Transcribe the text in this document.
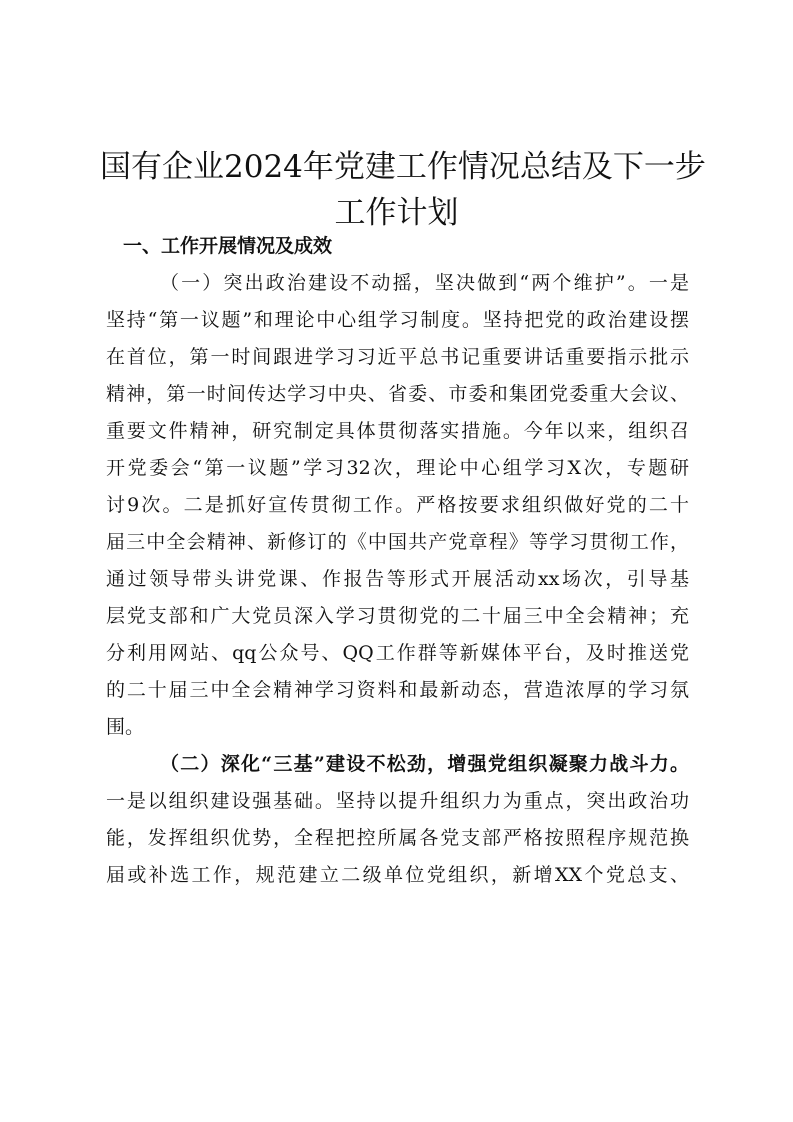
国有企业2024年党建工作情况总结及下一步
工作计划
一、工作开展情况及成效
（一）突出政治建设不动摇，坚决做到“两个维护”。一是
坚持“第一议题”和理论中心组学习制度。坚持把党的政治建设摆
在首位，第一时间跟进学习习近平总书记重要讲话重要指示批示
精神，第一时间传达学习中央、省委、市委和集团党委重大会议、
重要文件精神，研究制定具体贯彻落实措施。今年以来，组织召
开党委会“第一议题”学习32次，理论中心组学习X次，专题研
讨9次。二是抓好宣传贯彻工作。严格按要求组织做好党的二十
届三中全会精神、新修订的《中国共产党章程》等学习贯彻工作，
通过领导带头讲党课、作报告等形式开展活动xx场次，引导基
层党支部和广大党员深入学习贯彻党的二十届三中全会精神；充
分利用网站、qq公众号、QQ工作群等新媒体平台，及时推送党
的二十届三中全会精神学习资料和最新动态，营造浓厚的学习氛
围。
（二）深化“三基”建设不松劲，增强党组织凝聚力战斗力。
一是以组织建设强基础。坚持以提升组织力为重点，突出政治功
能，发挥组织优势，全程把控所属各党支部严格按照程序规范换
届或补选工作，规范建立二级单位党组织，新增XX个党总支、
